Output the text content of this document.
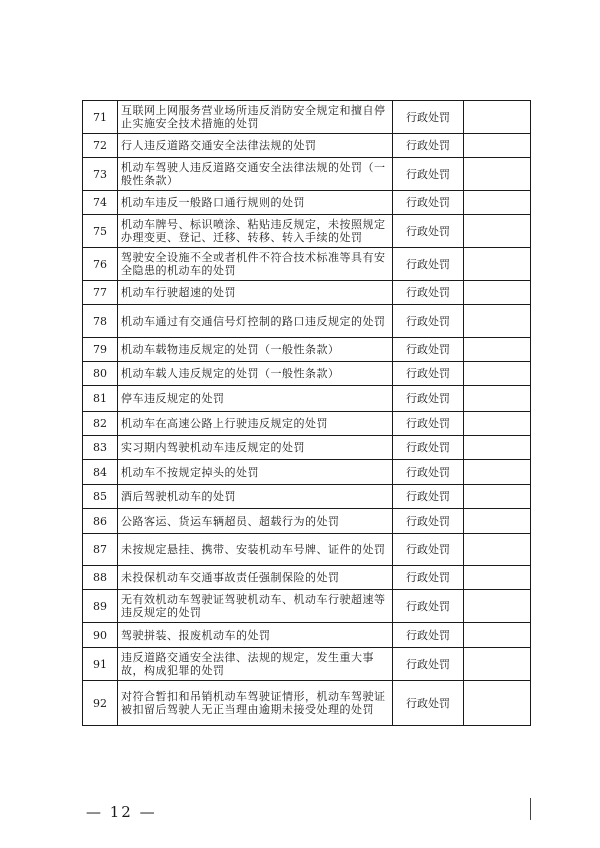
71	互联网上网服务营业场所违反消防安全规定和擅自停止实施安全技术措施的处罚	行政处罚	
72	行人违反道路交通安全法律法规的处罚	行政处罚	
73	机动车驾驶人违反道路交通安全法律法规的处罚（一般性条款）	行政处罚	
74	机动车违反一般路口通行规则的处罚	行政处罚	
75	机动车牌号、标识喷涂、粘贴违反规定，未按照规定办理变更、登记、迁移、转移、转入手续的处罚	行政处罚	
76	驾驶安全设施不全或者机件不符合技术标准等具有安全隐患的机动车的处罚	行政处罚	
77	机动车行驶超速的处罚	行政处罚	
78	机动车通过有交通信号灯控制的路口违反规定的处罚	行政处罚	
79	机动车载物违反规定的处罚（一般性条款）	行政处罚	
80	机动车载人违反规定的处罚（一般性条款）	行政处罚	
81	停车违反规定的处罚	行政处罚	
82	机动车在高速公路上行驶违反规定的处罚	行政处罚	
83	实习期内驾驶机动车违反规定的处罚	行政处罚	
84	机动车不按规定掉头的处罚	行政处罚	
85	酒后驾驶机动车的处罚	行政处罚	
86	公路客运、货运车辆超员、超载行为的处罚	行政处罚	
87	未按规定悬挂、携带、安装机动车号牌、证件的处罚	行政处罚	
88	未投保机动车交通事故责任强制保险的处罚	行政处罚	
89	无有效机动车驾驶证驾驶机动车、机动车行驶超速等违反规定的处罚	行政处罚	
90	驾驶拼装、报废机动车的处罚	行政处罚	
91	违反道路交通安全法律、法规的规定，发生重大事故，构成犯罪的处罚	行政处罚	
92	对符合暂扣和吊销机动车驾驶证情形，机动车驾驶证被扣留后驾驶人无正当理由逾期未接受处理的处罚	行政处罚	
— 12 —
